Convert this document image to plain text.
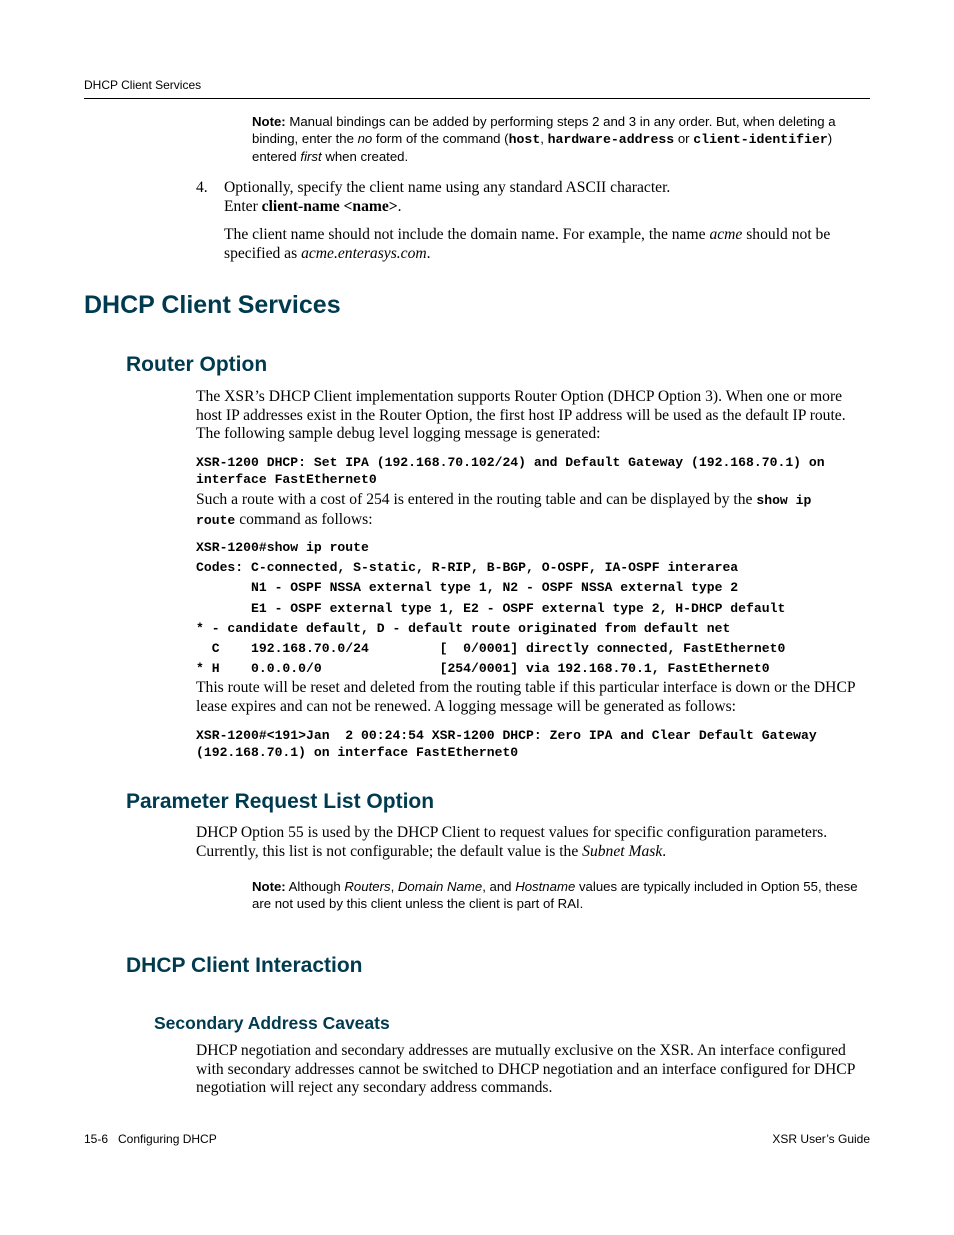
DHCP Client Services
Note: Manual bindings can be added by performing steps 2 and 3 in any order. But, when deleting a binding, enter the no form of the command (host, hardware-address or client-identifier) entered first when created.
4. Optionally, specify the client name using any standard ASCII character.
Enter client-name <name>.
The client name should not include the domain name. For example, the name acme should not be specified as acme.enterasys.com.
DHCP Client Services
Router Option
The XSR’s DHCP Client implementation supports Router Option (DHCP Option 3). When one or more host IP addresses exist in the Router Option, the first host IP address will be used as the default IP route. The following sample debug level logging message is generated:
XSR-1200 DHCP: Set IPA (192.168.70.102/24) and Default Gateway (192.168.70.1) on
interface FastEthernet0
Such a route with a cost of 254 is entered in the routing table and can be displayed by the show ip
route command as follows:
XSR-1200#show ip route
Codes: C-connected, S-static, R-RIP, B-BGP, O-OSPF, IA-OSPF interarea
N1 - OSPF NSSA external type 1, N2 - OSPF NSSA external type 2
E1 - OSPF external type 1, E2 - OSPF external type 2, H-DHCP default
* - candidate default, D - default route originated from default net
C    192.168.70.0/24         [  0/0001] directly connected, FastEthernet0
* H    0.0.0.0/0               [254/0001] via 192.168.70.1, FastEthernet0
This route will be reset and deleted from the routing table if this particular interface is down or the DHCP lease expires and can not be renewed. A logging message will be generated as follows:
XSR-1200#<191>Jan  2 00:24:54 XSR-1200 DHCP: Zero IPA and Clear Default Gateway
(192.168.70.1) on interface FastEthernet0
Parameter Request List Option
DHCP Option 55 is used by the DHCP Client to request values for specific configuration parameters. Currently, this list is not configurable; the default value is the Subnet Mask.
Note: Although Routers, Domain Name, and Hostname values are typically included in Option 55, these are not used by this client unless the client is part of RAI.
DHCP Client Interaction
Secondary Address Caveats
DHCP negotiation and secondary addresses are mutually exclusive on the XSR. An interface configured with secondary addresses cannot be switched to DHCP negotiation and an interface configured for DHCP negotiation will reject any secondary address commands.
15-6   Configuring DHCP	XSR User’s Guide
